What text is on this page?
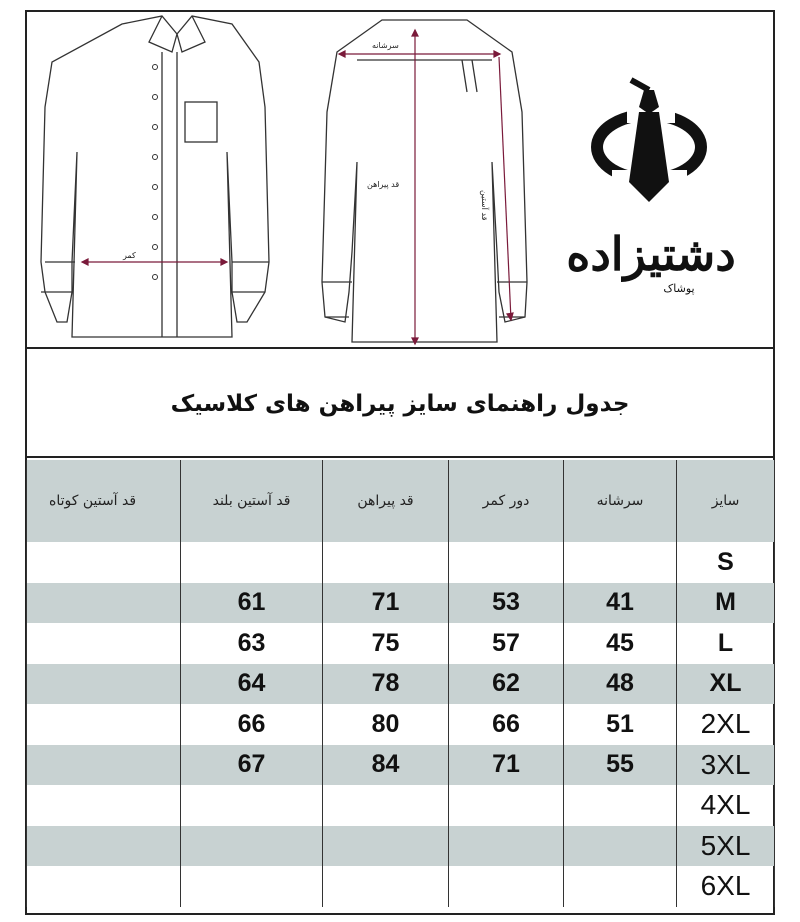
کمر
سرشانه
قد پیراهن
قد آستین
دشتیزاده
پوشاک
جدول راهنمای سایز پیراهن های کلاسیک
سایز	سرشانه	دور کمر	قد پیراهن	قد آستین بلند	قد آستین کوتاه
S					
M	41	53	71	61	
L	45	57	75	63	
XL	48	62	78	64	
2XL	51	66	80	66	
3XL	55	71	84	67	
4XL					
5XL					
6XL					
